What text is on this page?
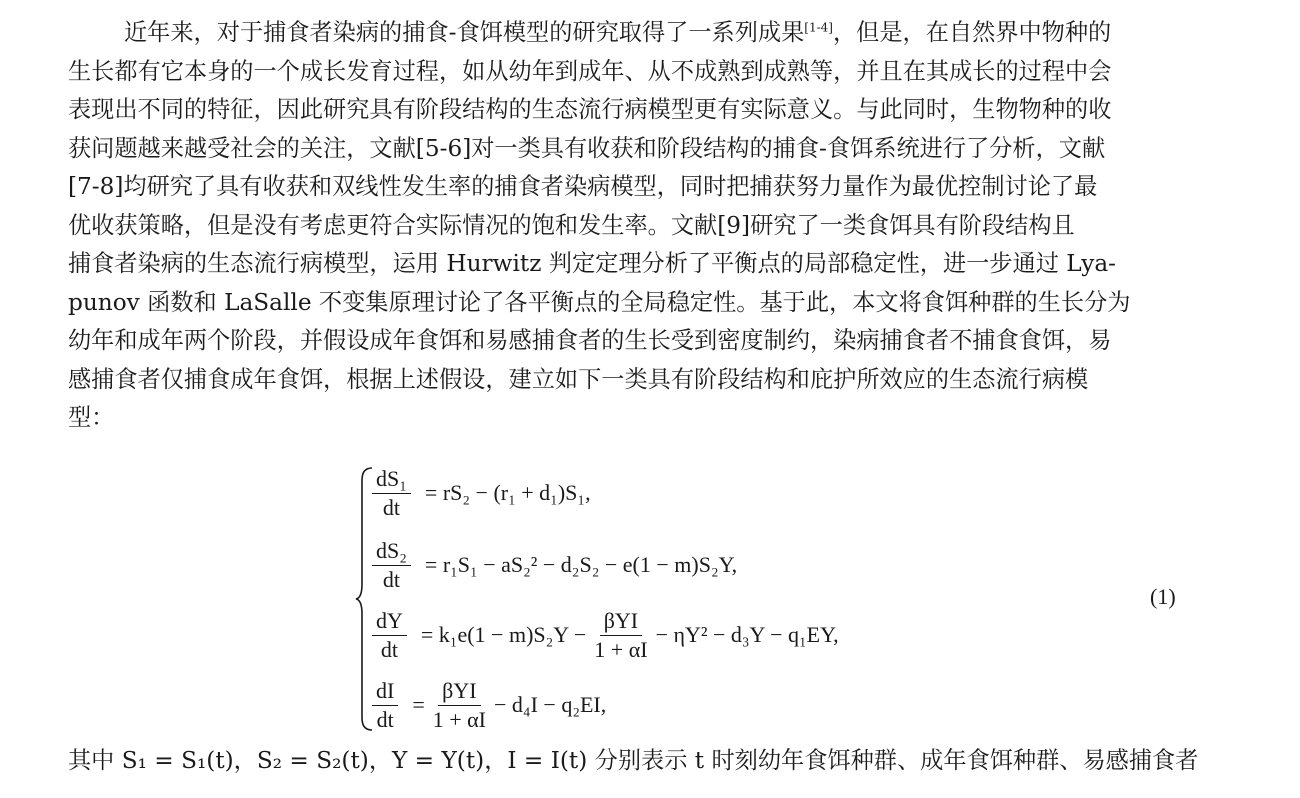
近年来，对于捕食者染病的捕食-食饵模型的研究取得了一系列成果[1-4]，但是，在自然界中物种的
生长都有它本身的一个成长发育过程，如从幼年到成年、从不成熟到成熟等，并且在其成长的过程中会
表现出不同的特征，因此研究具有阶段结构的生态流行病模型更有实际意义。与此同时，生物物种的收
获问题越来越受社会的关注，文献[5-6]对一类具有收获和阶段结构的捕食-食饵系统进行了分析，文献
[7-8]均研究了具有收获和双线性发生率的捕食者染病模型，同时把捕获努力量作为最优控制讨论了最
优收获策略，但是没有考虑更符合实际情况的饱和发生率。文献[9]研究了一类食饵具有阶段结构且
捕食者染病的生态流行病模型，运用 Hurwitz 判定定理分析了平衡点的局部稳定性，进一步通过 Lya-
punov 函数和 LaSalle 不变集原理讨论了各平衡点的全局稳定性。基于此，本文将食饵种群的生长分为
幼年和成年两个阶段，并假设成年食饵和易感捕食者的生长受到密度制约，染病捕食者不捕食食饵，易
感捕食者仅捕食成年食饵，根据上述假设，建立如下一类具有阶段结构和庇护所效应的生态流行病模
型：
$\frac{\text{dS₁}}{dt} = rS_2 - (r_1 + d_1)S_1$,
$\frac{\text{dS₂}}{dt} = r_1S_1 - aS_2^2 - d_2S_2 - e(1 - m)S_2Y$,
$\frac{dY}{dt} = k_1e(1 - m)S_2Y - \frac{\text{βYI}}{1 + \alpha I} - \eta Y^2 - d_3Y - q_1EY$,
$\frac{dI}{dt} = \frac{\text{βYI}}{1 + \alpha I} - d_4I - q_2EI$,
(1)
其中 S₁ = S₁(t)，S₂ = S₂(t)，Y = Y(t)，I = I(t) 分别表示 t 时刻幼年食饵种群、成年食饵种群、易感捕食者
